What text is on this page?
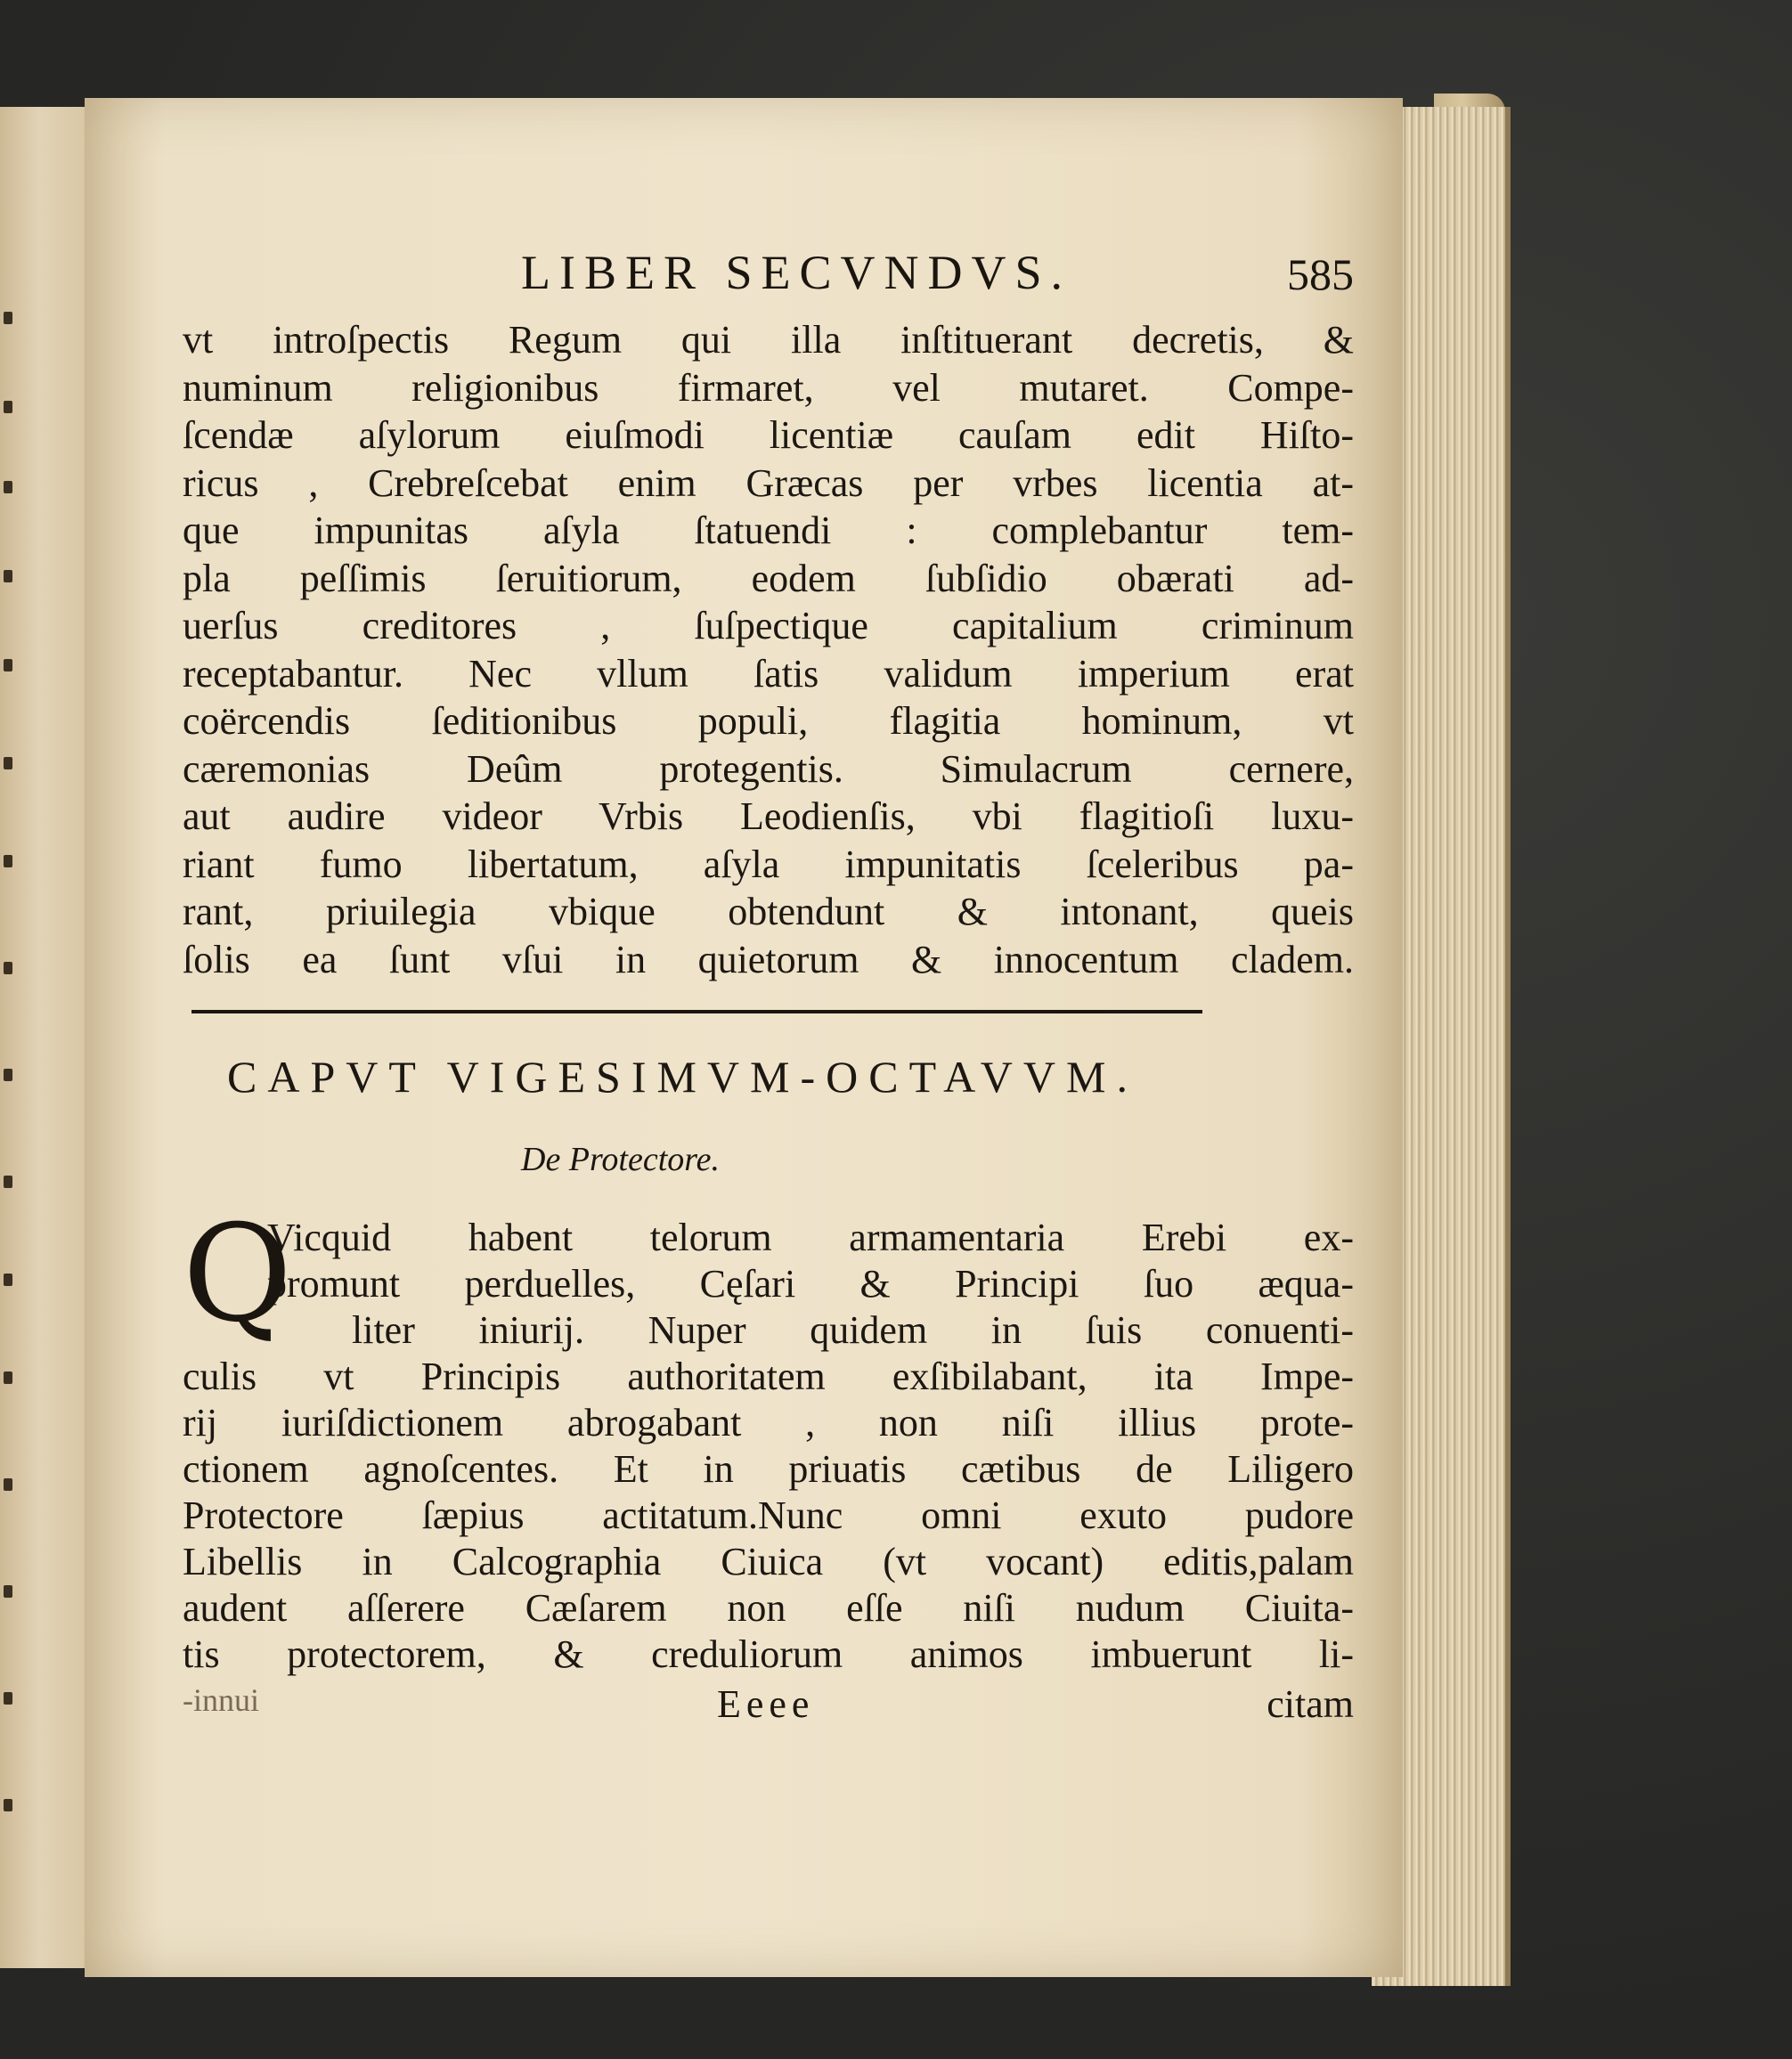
LIBER SECVNDVS.	585
vt introſpectis Regum qui illa inſtituerant decretis, &
numinum religionibus firmaret, vel mutaret. Compe-
ſcendæ aſylorum eiuſmodi licentiæ cauſam edit Hiſto-
ricus , Crebreſcebat enim Græcas per vrbes licentia at-
que impunitas aſyla ſtatuendi : complebantur tem-
pla peſſimis ſeruitiorum, eodem ſubſidio obærati ad-
uerſus creditores , ſuſpectique capitalium criminum
receptabantur. Nec vllum ſatis validum imperium erat
coërcendis ſeditionibus populi, flagitia hominum, vt
cæremonias Deûm protegentis. Simulacrum cernere,
aut audire videor Vrbis Leodienſis, vbi flagitioſi luxu-
riant fumo libertatum, aſyla impunitatis ſceleribus pa-
rant, priuilegia vbique obtendunt & intonant, queis
ſolis ea ſunt vſui in quietorum & innocentum cladem.
CAPVT VIGESIMVM-OCTAVVM.
De Protectore.
Q
Vicquid habent telorum armamentaria Erebi ex-
promunt perduelles, Cęſari & Principi ſuo æqua-
liter iniurij. Nuper quidem in ſuis conuenti-
culis vt Principis authoritatem exſibilabant, ita Impe-
rij iuriſdictionem abrogabant , non niſi illius prote-
ctionem agnoſcentes. Et in priuatis cætibus de Liligero
Protectore ſæpius actitatum.Nunc omni exuto pudore
Libellis in Calcographia Ciuica (vt vocant) editis,palam
audent aſſerere Cæſarem non eſſe niſi nudum Ciuita-
tis protectorem, & creduliorum animos imbuerunt li-
-innui	Eeee	citam
